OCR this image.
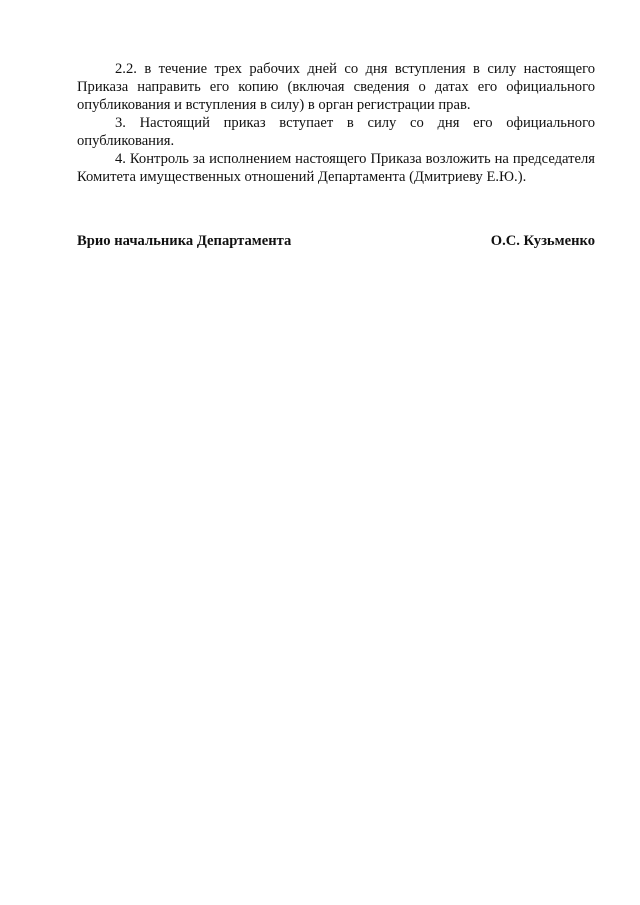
2.2. в течение трех рабочих дней со дня вступления в силу настоящего Приказа направить его копию (включая сведения о датах его официального опубликования и вступления в силу) в орган регистрации прав.

3. Настоящий приказ вступает в силу со дня его официального опубликования.

4. Контроль за исполнением настоящего Приказа возложить на председателя Комитета имущественных отношений Департамента (Дмитриеву Е.Ю.).

Врио начальника Департамента	О.С. Кузьменко
